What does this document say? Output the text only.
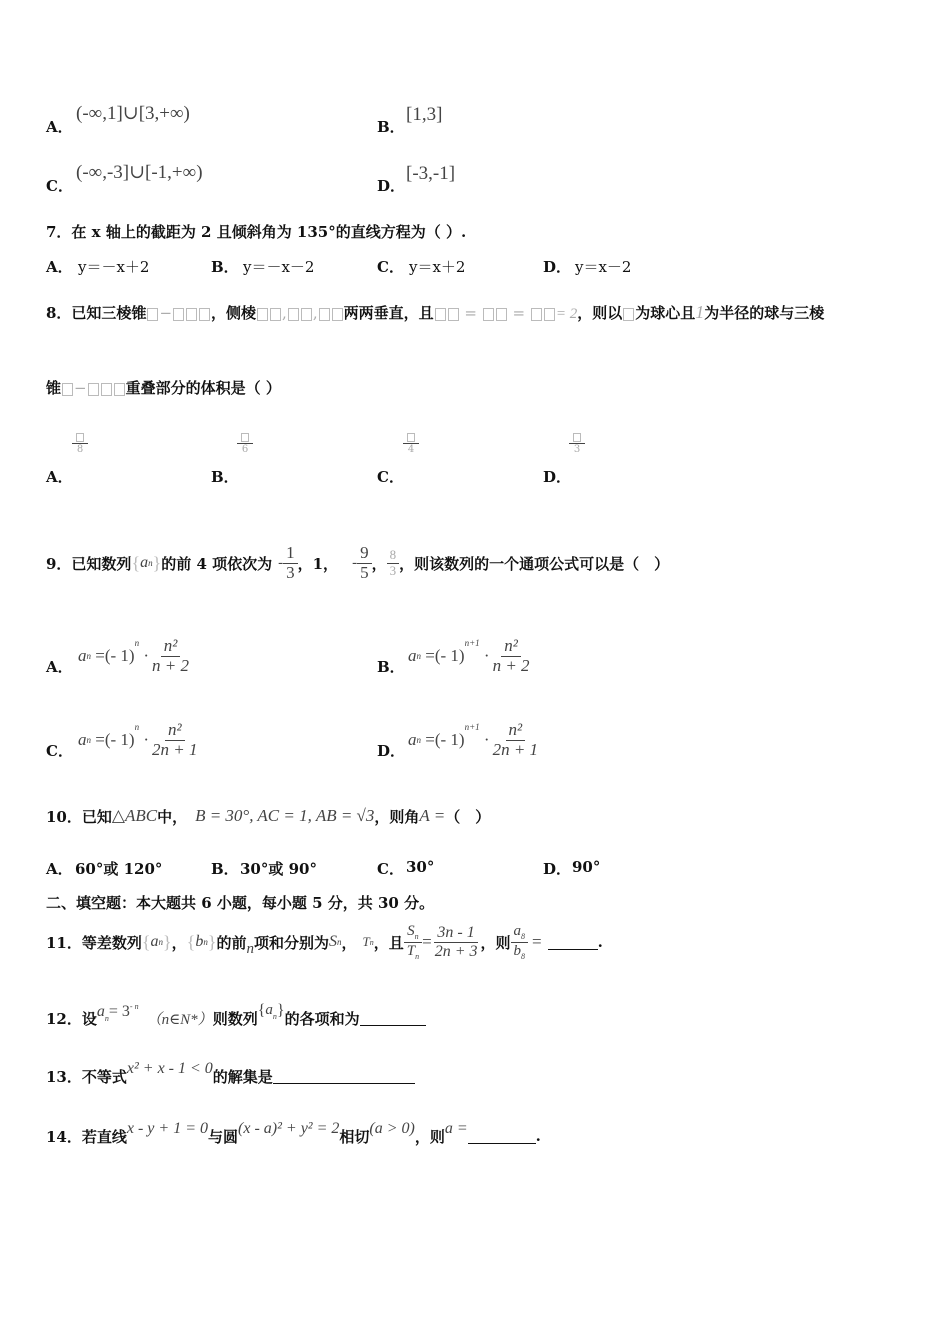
A．
(-∞,1]∪[3,+∞)
B．
[1,3]
C．
(-∞,-3]∪[-1,+∞)
D．
[-3,-1]
7．在 x 轴上的截距为 2 且倾斜角为 135°的直线方程为（ ）.
A． y＝－x＋2	B． y＝－x－2	C． y＝x＋2	D． y＝x－2
8．已知三棱锥 −	，侧棱 , , 两两垂直，且 =  = = 2，则以 为球心且1为半径的球与三棱
锥 −	重叠部分的体积是（ ）
A．
8
B．
6
C．
4
D．
3
9．已知数列 { a n } 的前 4 项依次为 - $\frac{1}{3}$ ，1， - $\frac{9}{5}$ ， $\frac{8}{3}$ ，则该数列的一个通项公式可以是（　）
A．
a n =(- 1)
$^n$
· $\frac{\text{n²}}{n + 2}$	B．
a n =(- 1)
$^{n+1}$
· $\frac{\text{n²}}{n + 2}$
C．
a n =(- 1)
$^n$
· $\frac{\text{n²}}{2n + 1}$	D．
a n =(- 1)
$^{n+1}$
· $\frac{\text{n²}}{2n + 1}$
10．已知 △ABC 中， B = 30°, AC = 1, AB = √3 ，则角 A = （　）
A． 60°或 120°	B． 30°或 90°	C． 30°	D． 90°
二、填空题：本大题共 6 小题，每小题 5 分，共 30 分。
11．等差数列 { a n } ， { b n } 的前 n 项和分别为 S n ， T n ，且 $\frac{S_n}{T_n} = \frac{3n - 1}{2n + 3}$ ，则 $\frac{a_8}{b_8}$ =	.
12．设 $a_n = 3^{- n}$
（n∈N*） 则数列 { $a_n$ } 的各项和为
13．不等式 x² + x - 1 < 0 的解集是
14．若直线 x - y + 1 = 0 与圆 (x - a)² + y² = 2 相切 (a > 0) ，则 a =	.
